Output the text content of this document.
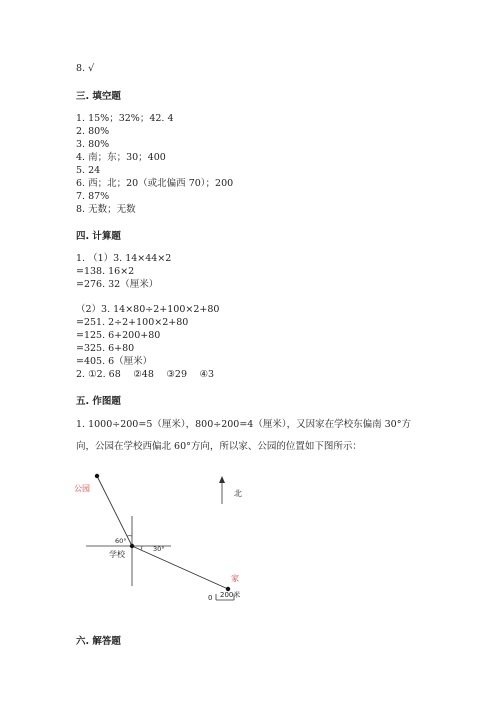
8. √
三. 填空题
1. 15%；32%；42. 4
2. 80%
3. 80%
4. 南；东；30；400
5. 24
6. 西；北；20（或北偏西 70）；200
7. 87%
8. 无数；无数
四. 计算题
1. （1）3. 14×44×2
=138. 16×2
=276. 32（厘米）
（2）3. 14×80÷2+100×2+80
=251. 2÷2+100×2+80
=125. 6+200+80
=325. 6+80
=405. 6（厘米）
2. ①2. 68　 ②48　 ③29　 ④3
五. 作图题
1. 1000÷200=5（厘米），800÷200=4（厘米），又因家在学校东偏南 30°方
向，公园在学校西偏北 60°方向，所以家、公园的位置如下图所示：
北
公园
学校
家
60°
30°
0 200米
六. 解答题
